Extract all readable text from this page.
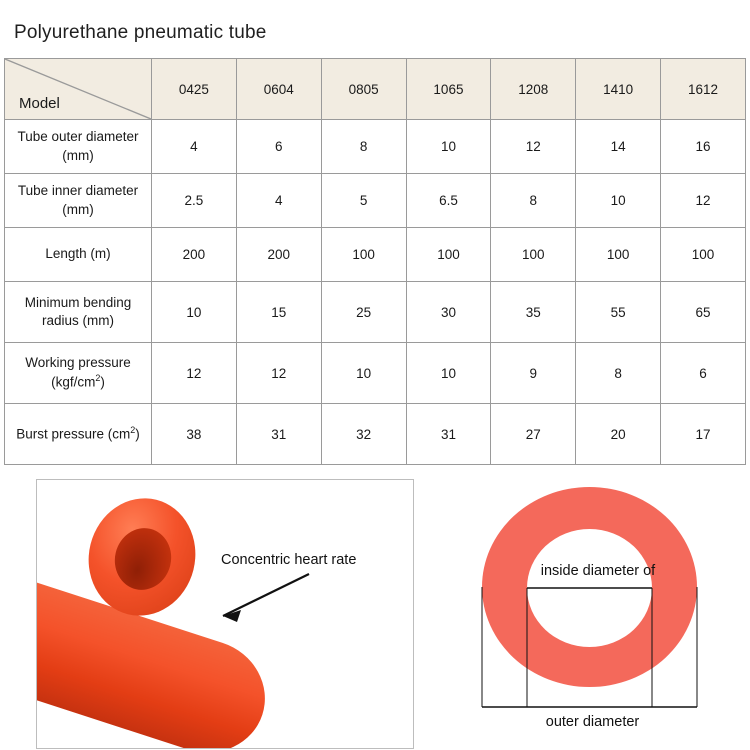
Polyurethane pneumatic tube
Model	0425	0604	0805	1065	1208	1410	1612

Tube outer diameter
(mm)	4	6	8	10	12	14	16

Tube inner diameter
(mm)	2.5	4	5	6.5	8	10	12

Length (m)	200	200	100	100	100	100	100

Minimum bending
radius (mm)	10	15	25	30	35	55	65

Working pressure
$(kgf/cm^2)$	12	12	10	10	9	8	6

Burst pressure $(cm^2)$	38	31	32	31	27	20	17
Concentric heart rate
inside diameter of
outer diameter
